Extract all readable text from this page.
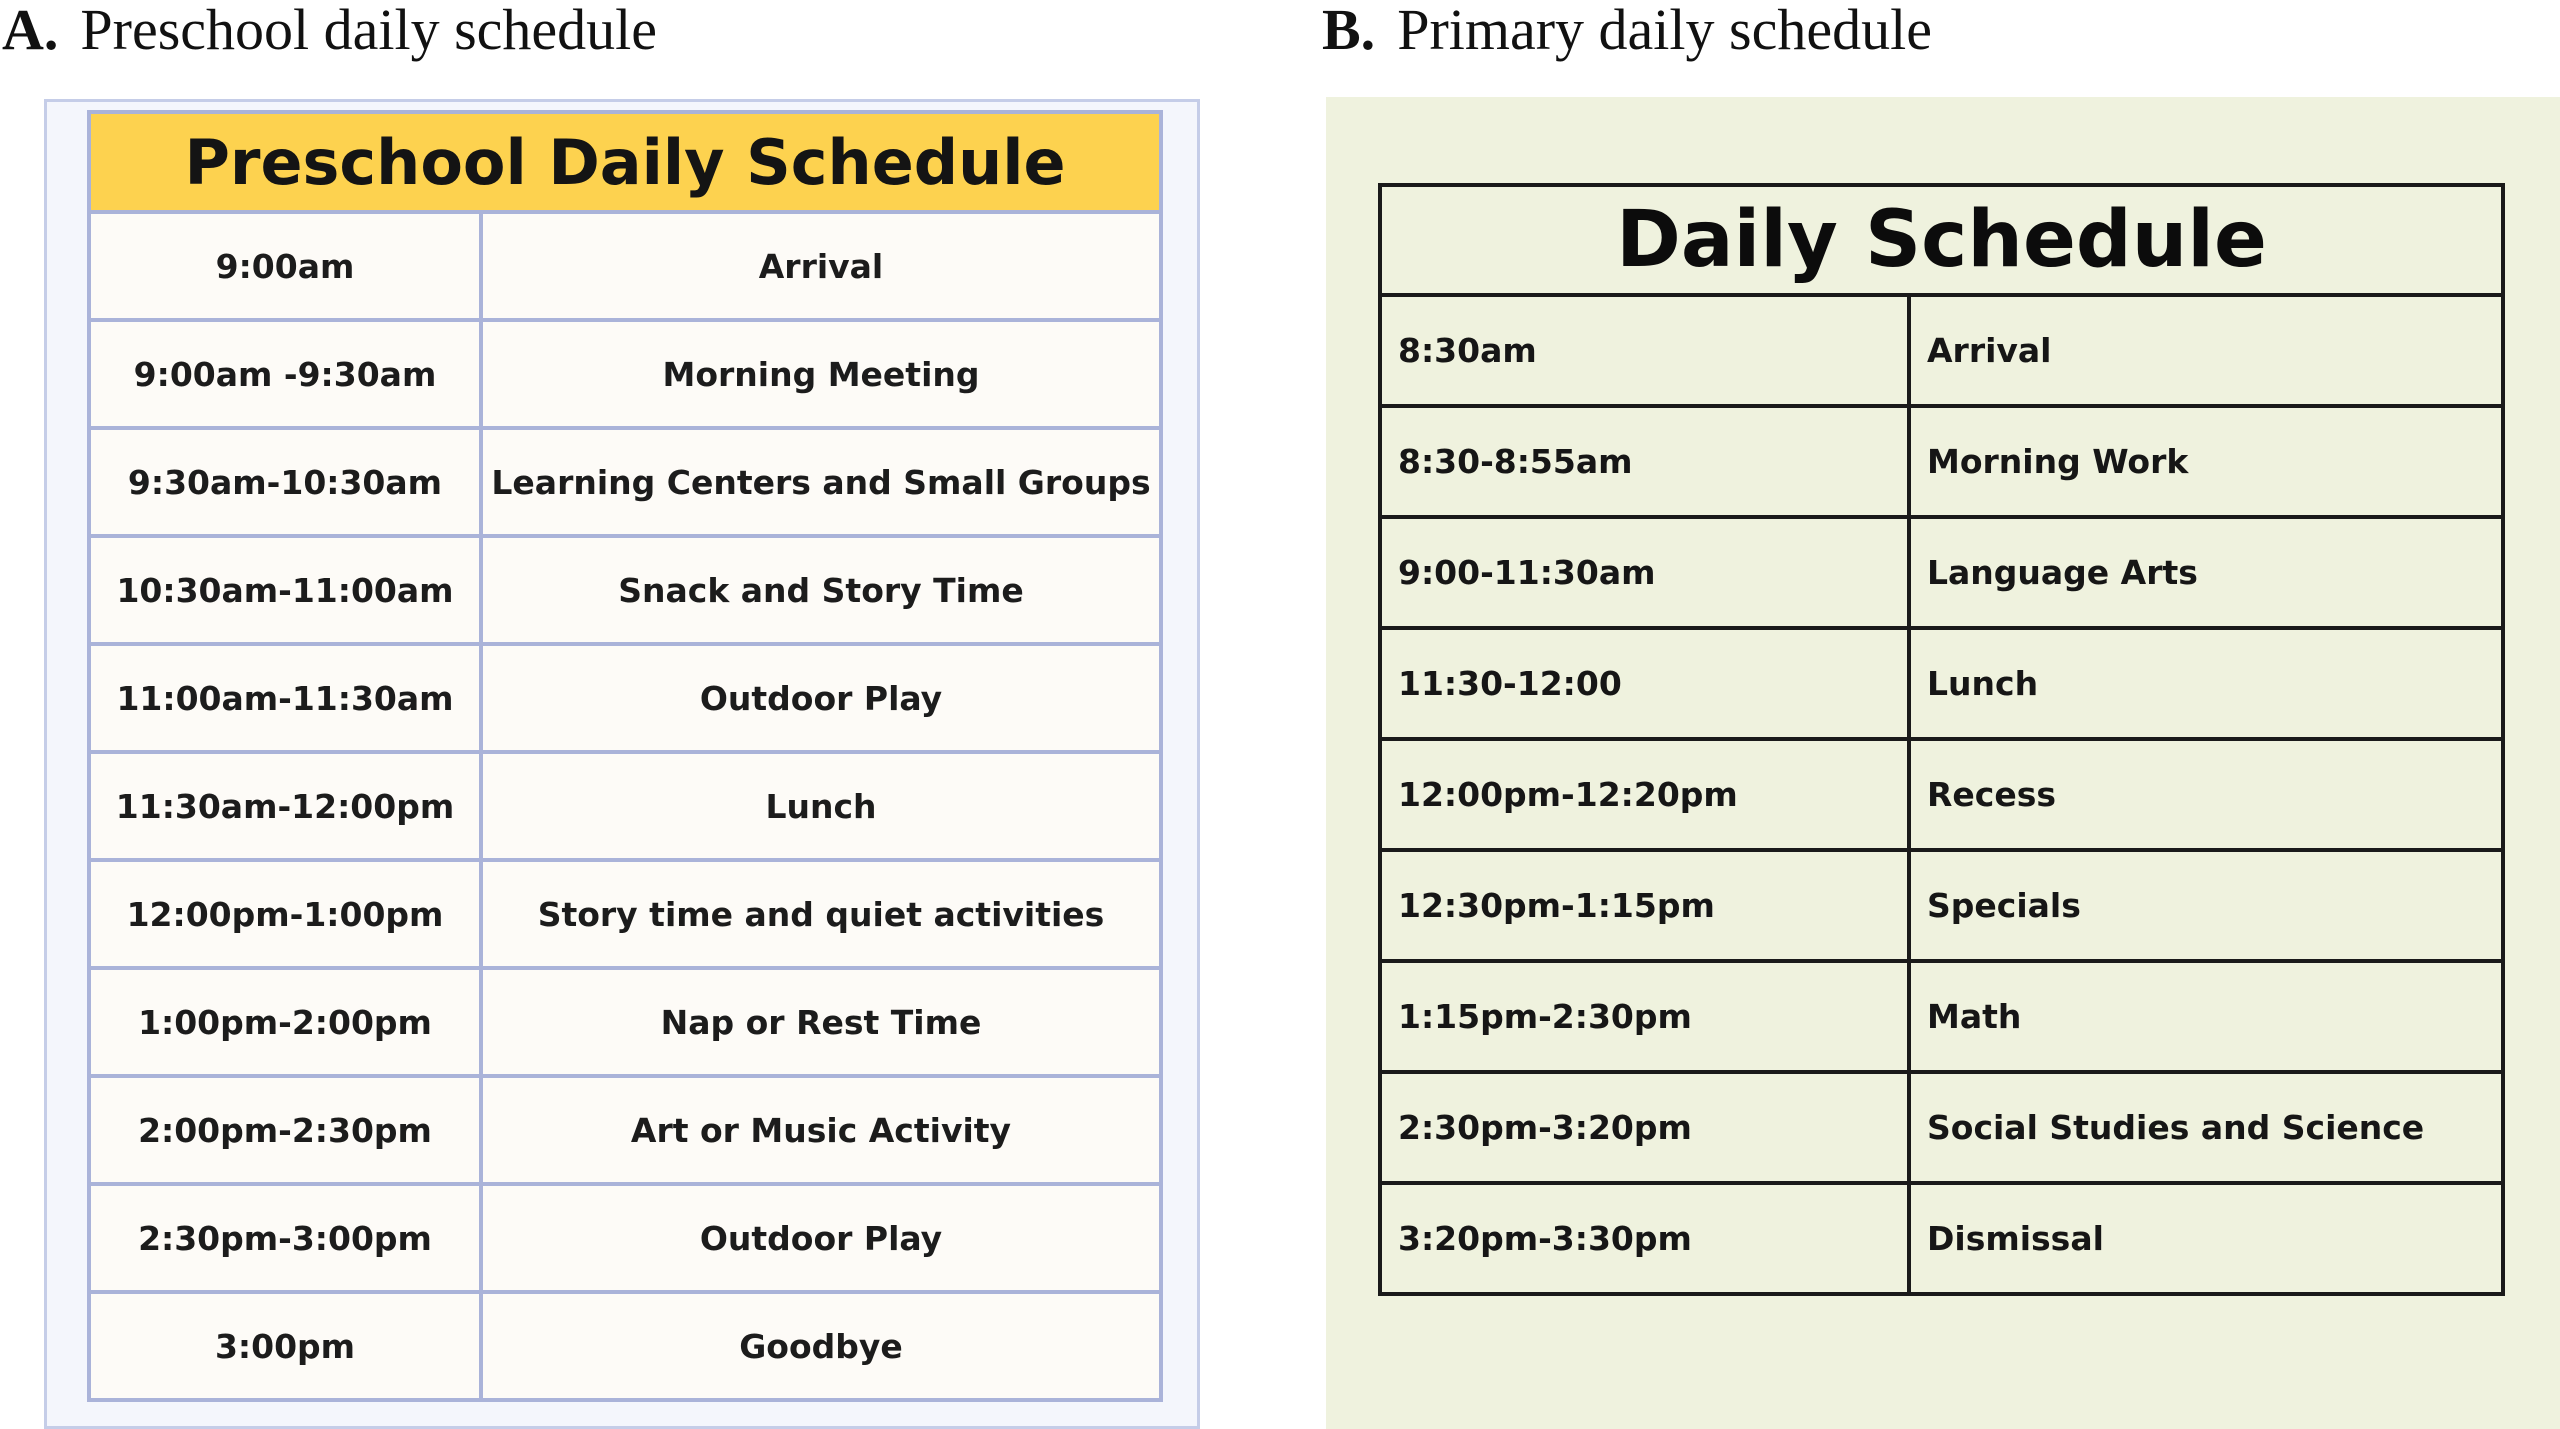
A. Preschool daily schedule	B. Primary daily schedule
Preschool Daily Schedule	
9:00am	Arrival
9:00am -9:30am	Morning Meeting
9:30am-10:30am	Learning Centers and Small Groups
10:30am-11:00am	Snack and Story Time
11:00am-11:30am	Outdoor Play
11:30am-12:00pm	Lunch
12:00pm-1:00pm	Story time and quiet activities
1:00pm-2:00pm	Nap or Rest Time
2:00pm-2:30pm	Art or Music Activity
2:30pm-3:00pm	Outdoor Play
3:00pm	Goodbye
Daily Schedule	
8:30am	Arrival
8:30-8:55am	Morning Work
9:00-11:30am	Language Arts
11:30-12:00	Lunch
12:00pm-12:20pm	Recess
12:30pm-1:15pm	Specials
1:15pm-2:30pm	Math
2:30pm-3:20pm	Social Studies and Science
3:20pm-3:30pm	Dismissal
